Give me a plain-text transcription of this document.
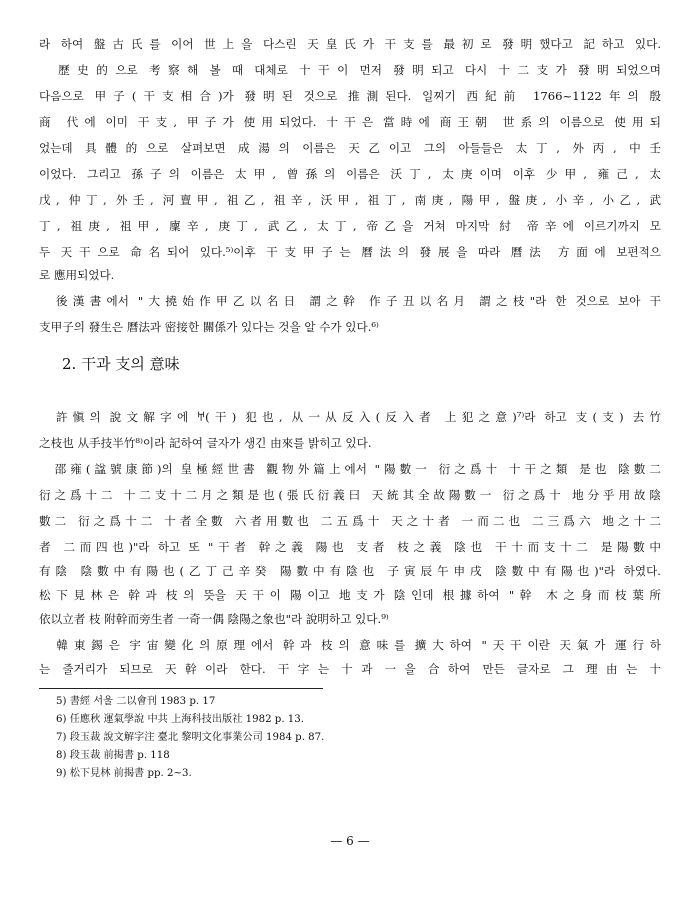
라 하여 盤古氏를 이어 世上을 다스린 天皇氏가 干支를 最初로 發明했다고 記하고 있다.
　歷史的으로 考察해 볼 때 대체로 十干이 먼저 發明되고 다시 十二支가 發明되었으며
다음으로 甲子(干支相合)가 發明된 것으로 推測된다. 일찌기 西紀前 1766~1122年의 殷
商 代에 이미 干支, 甲子가 使用되었다. 十干은 當時에 商王朝 世系의 이름으로 使用되
었는데 具體的으로 살펴보면 成湯의 이름은 天乙이고 그의 아들들은 太丁, 外丙, 中壬
이었다. 그리고 孫子의 이름은 太甲, 曾孫의 이름은 沃丁, 太庚이며 이후 少甲, 雍己, 太
戊, 仲丁, 外壬, 河亶甲, 祖乙, 祖辛, 沃甲, 祖丁, 南庚, 陽甲, 盤庚, 小辛, 小乙, 武
丁, 祖庚, 祖甲, 廩辛, 庚丁, 武乙, 太丁, 帝乙을 거쳐 마지막 紂 帝辛에 이르기까지 모
두 天干으로 命名되어 있다.⁵⁾이후 干支甲子는 曆法의 發展을 따라 曆法 方面에 보편적으
로 應用되었다.
　後漢書에서 "大撓始作甲乙以名日 謂之幹 作子丑以名月 謂之枝"라 한 것으로 보아 干
支甲子의 發生은 曆法과 密接한 關係가 있다는 것을 알 수가 있다.⁶⁾
2. 干과 支의 意味
　許愼의 說文解字에 𐀀(干) 犯也, 从一从反入(反入者 上犯之意)⁷⁾라 하고 支(支) 去竹
之枝也 从手技半竹⁸⁾이라 記하여 글자가 생긴 由來를 밝히고 있다.
　邵雍(諡號康節)의 皇極經世書 觀物外篇上에서 "陽數一 衍之爲十 十干之類 是也 陰數二
衍之爲十二 十二支十二月之類是也(張氏衍義曰 天統其全故陽數一 衍之爲十 地分乎用故陰
數二 衍之爲十二 十者全數 六者用數也 二五爲十 天之十者 一而二也 二三爲六 地之十二
者 二而四也)"라 하고 또 "干者 幹之義 陽也 支者 枝之義 陰也 干十而支十二 是陽數中
有陰 陰數中有陽也(乙丁己辛癸 陽數中有陰也 子寅辰午申戌 陰數中有陽也)"라 하였다.
松下見林은 幹과 枝의 뜻을 天干이 陽이고 地支가 陰인데 根據하여 "幹 木之身而枝葉所
依以立者 枝 附幹而旁生者 一奇一偶 陰陽之象也"라 說明하고 있다.⁹⁾
　韓東錫은 宇宙變化의原理에서 幹과 枝의 意味를 擴大하여 "天干이란 天氣가 運行하
는 줄거리가 되므로 天幹이라 한다. 干字는 十과 一을 合하여 만든 글자로 그 理由는 十
5) 書經 서울 二以會刊 1983 p. 17
6) 任應秋 運氣學說 中共 上海科技出版社 1982 p. 13.
7) 段玉裁 說文解字注 臺北 黎明文化事業公司 1984 p. 87.
8) 段玉裁 前揭書 p. 118
9) 松下見林 前揭書 pp. 2~3.
— 6 —
